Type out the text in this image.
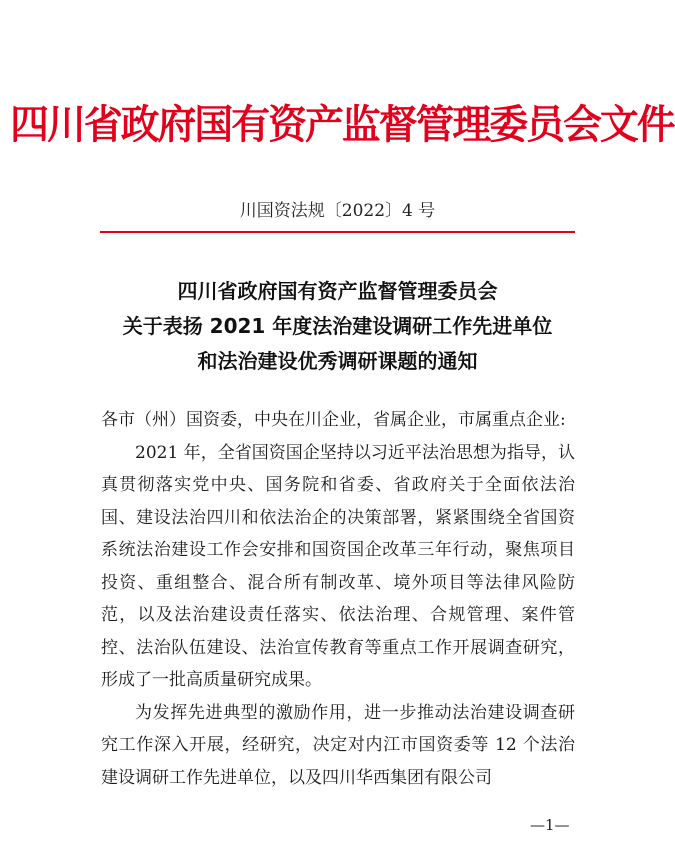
四川省政府国有资产监督管理委员会文件
川国资法规〔2022〕4 号
四川省政府国有资产监督管理委员会
关于表扬 2021 年度法治建设调研工作先进单位
和法治建设优秀调研课题的通知

各市（州）国资委，中央在川企业，省属企业，市属重点企业:

2021 年，全省国资国企坚持以习近平法治思想为指导，认真贯彻落实党中央、国务院和省委、省政府关于全面依法治国、建设法治四川和依法治企的决策部署，紧紧围绕全省国资系统法治建设工作会安排和国资国企改革三年行动，聚焦项目投资、重组整合、混合所有制改革、境外项目等法律风险防范，以及法治建设责任落实、依法治理、合规管理、案件管控、法治队伍建设、法治宣传教育等重点工作开展调查研究，形成了一批高质量研究成果。

为发挥先进典型的激励作用，进一步推动法治建设调查研究工作深入开展，经研究，决定对内江市国资委等 12 个法治建设调研工作先进单位，以及四川华西集团有限公司

—1—
